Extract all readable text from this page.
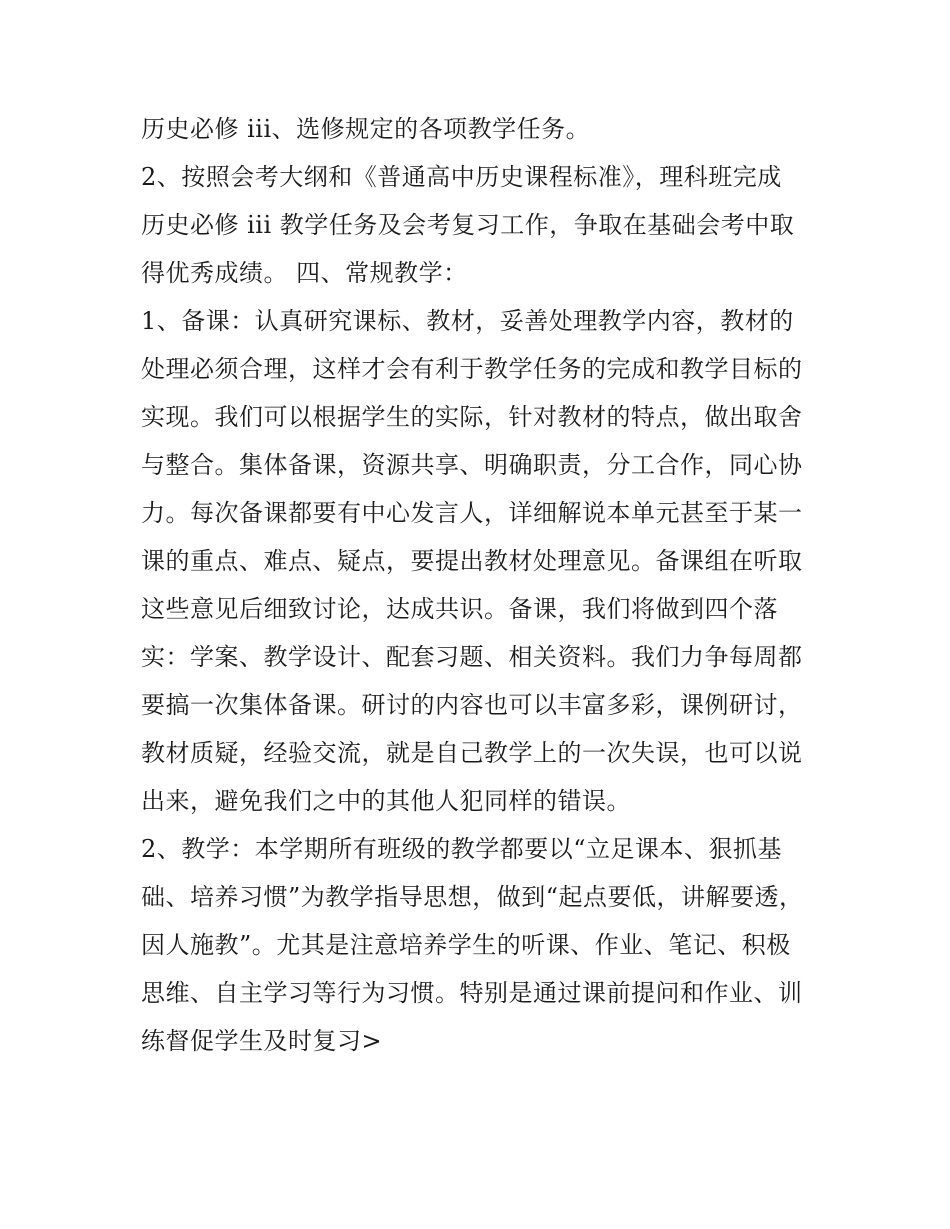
历史必修 iii、选修规定的各项教学任务。
2、按照会考大纲和《普通高中历史课程标准》，理科班完成
历史必修 iii 教学任务及会考复习工作，争取在基础会考中取
得优秀成绩。 四、常规教学：
1、备课：认真研究课标、教材，妥善处理教学内容，教材的
处理必须合理，这样才会有利于教学任务的完成和教学目标的
实现。我们可以根据学生的实际，针对教材的特点，做出取舍
与整合。集体备课，资源共享、明确职责，分工合作，同心协
力。每次备课都要有中心发言人，详细解说本单元甚至于某一
课的重点、难点、疑点，要提出教材处理意见。备课组在听取
这些意见后细致讨论，达成共识。备课，我们将做到四个落
实：学案、教学设计、配套习题、相关资料。我们力争每周都
要搞一次集体备课。研讨的内容也可以丰富多彩，课例研讨，
教材质疑，经验交流，就是自己教学上的一次失误，也可以说
出来，避免我们之中的其他人犯同样的错误。
2、教学：本学期所有班级的教学都要以“立足课本、狠抓基
础、培养习惯”为教学指导思想，做到“起点要低，讲解要透，
因人施教”。尤其是注意培养学生的听课、作业、笔记、积极
思维、自主学习等行为习惯。特别是通过课前提问和作业、训
练督促学生及时复习>
